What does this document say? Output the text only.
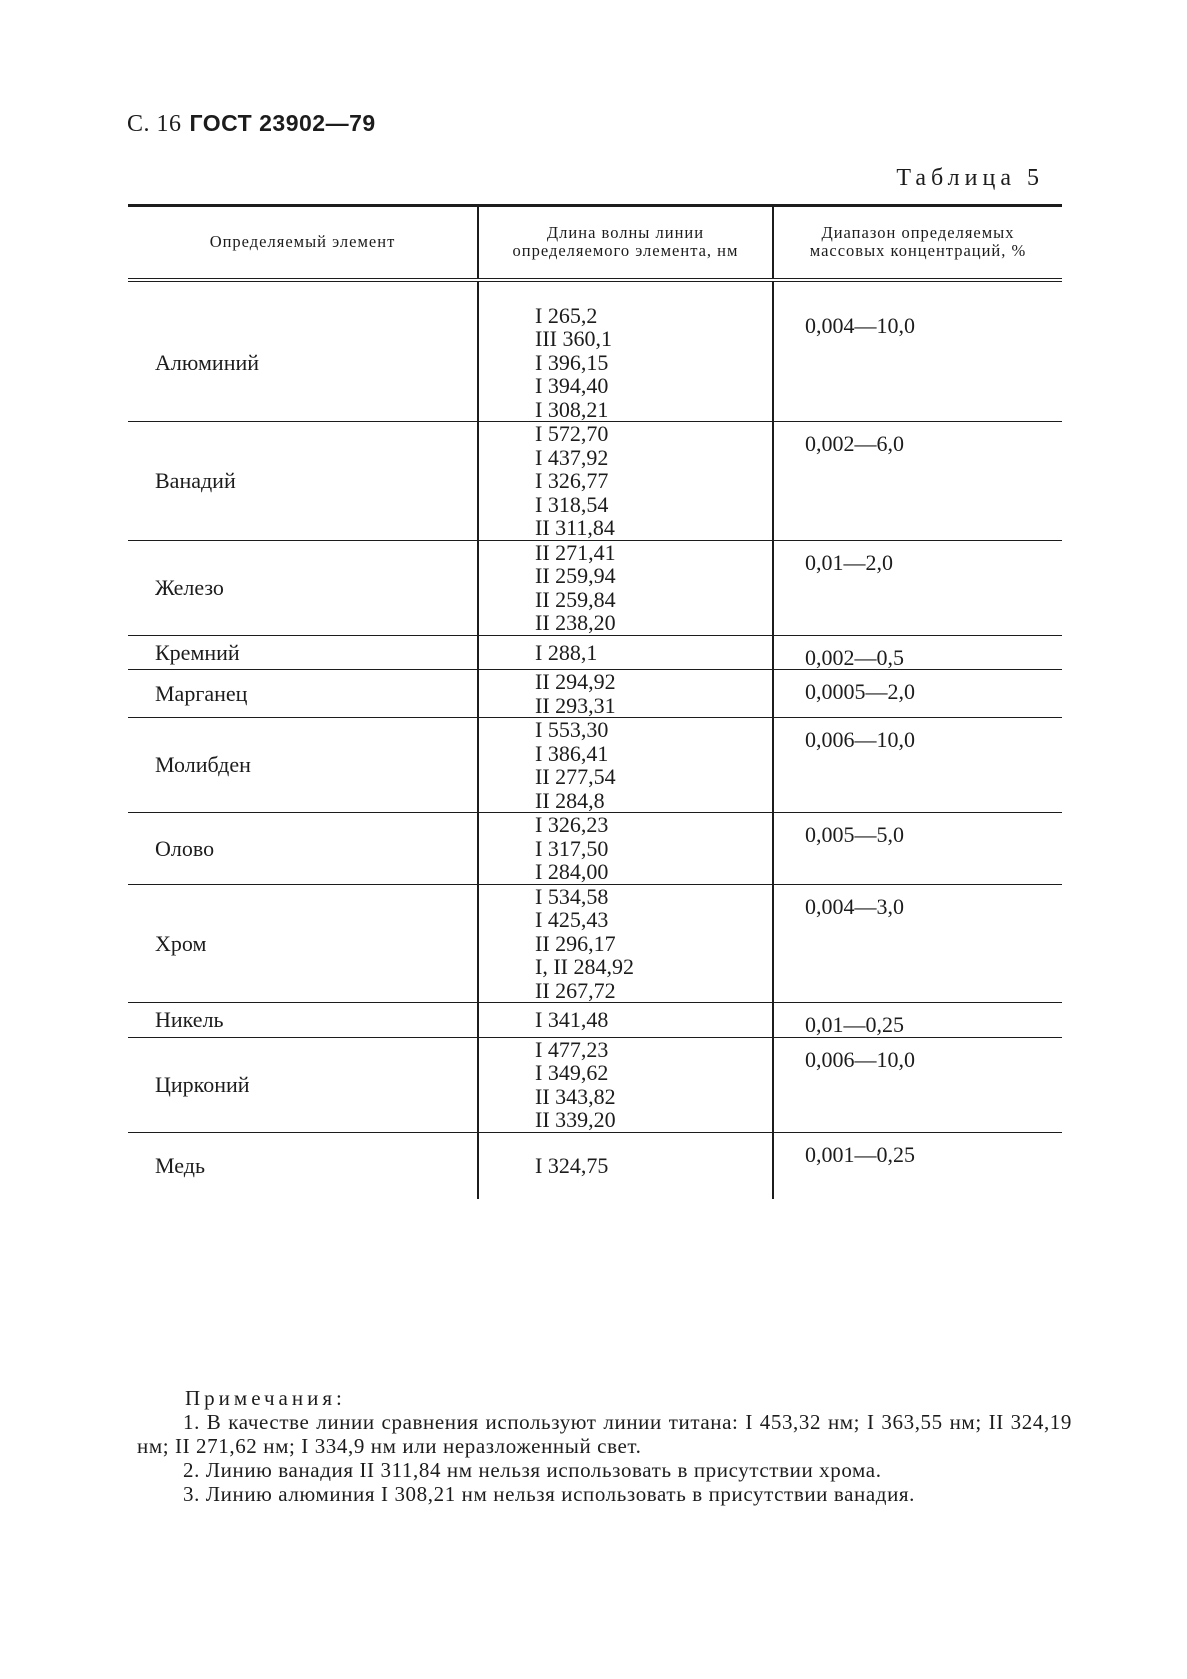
С. 16 ГОСТ 23902—79
Таблица 5
Определяемый элемент	Длина волны линии определяемого элемента, нм	Диапазон определяемых массовых концентраций, %
Алюминий	I 265,2
III 360,1
I 396,15
I 394,40
I 308,21	0,004—10,0

Ванадий	I 572,70
I 437,92
I 326,77
I 318,54
II 311,84	0,002—6,0

Железо	II 271,41
II 259,94
II 259,84
II 238,20	0,01—2,0

Кремний	I 288,1	0,002—0,5

Марганец	II 294,92
II 293,31	0,0005—2,0

Молибден	I 553,30
I 386,41
II 277,54
II 284,8	0,006—10,0

Олово	I 326,23
I 317,50
I 284,00	0,005—5,0

Хром	I 534,58
I 425,43
II 296,17
I, II 284,92
II 267,72	0,004—3,0

Никель	I 341,48	0,01—0,25

Цирконий	I 477,23
I 349,62
II 343,82
II 339,20	0,006—10,0

Медь	I 324,75	0,001—0,25
Примечания:
1. В качестве линии сравнения используют линии титана: I 453,32 нм; I 363,55 нм; II 324,19 нм; II 271,62 нм; I 334,9 нм или неразложенный свет.
2. Линию ванадия II 311,84 нм нельзя использовать в присутствии хрома.
3. Линию алюминия I 308,21 нм нельзя использовать в присутствии ванадия.
